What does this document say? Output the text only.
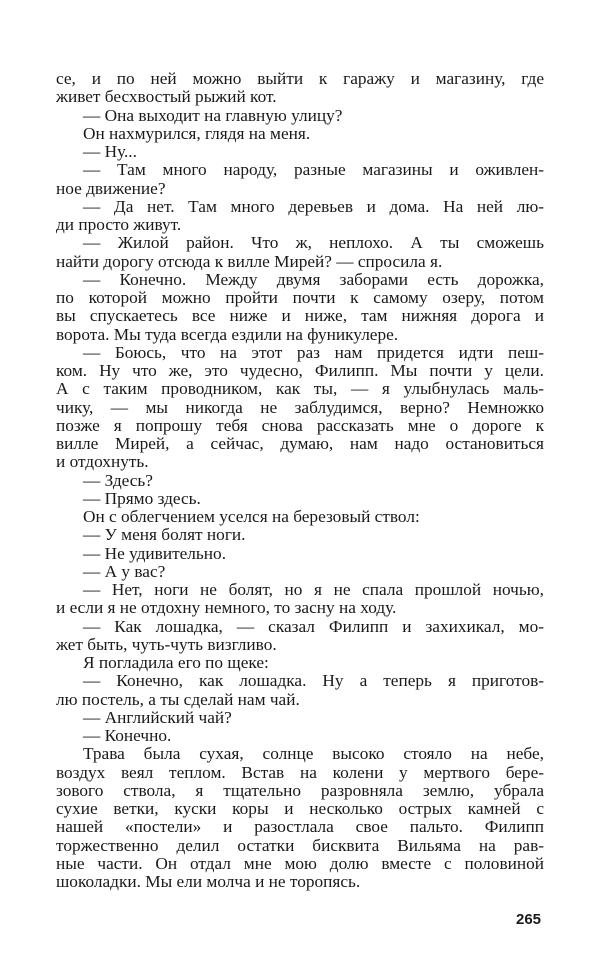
се, и по ней можно выйти к гаражу и магазину, где
живет бесхвостый рыжий кот.
— Она выходит на главную улицу?
Он нахмурился, глядя на меня.
— Ну...
— Там много народу, разные магазины и оживлен-
ное движение?
— Да нет. Там много деревьев и дома. На ней лю-
ди просто живут.
— Жилой район. Что ж, неплохо. А ты сможешь
найти дорогу отсюда к вилле Мирей? — спросила я.
— Конечно. Между двумя заборами есть дорожка,
по которой можно пройти почти к самому озеру, потом
вы спускаетесь все ниже и ниже, там нижняя дорога и
ворота. Мы туда всегда ездили на фуникулере.
— Боюсь, что на этот раз нам придется идти пеш-
ком. Ну что же, это чудесно, Филипп. Мы почти у цели.
А с таким проводником, как ты, — я улыбнулась маль-
чику, — мы никогда не заблудимся, верно? Немножко
позже я попрошу тебя снова рассказать мне о дороге к
вилле Мирей, а сейчас, думаю, нам надо остановиться
и отдохнуть.
— Здесь?
— Прямо здесь.
Он с облегчением уселся на березовый ствол:
— У меня болят ноги.
— Не удивительно.
— А у вас?
— Нет, ноги не болят, но я не спала прошлой ночью,
и если я не отдохну немного, то засну на ходу.
— Как лошадка, — сказал Филипп и захихикал, мо-
жет быть, чуть-чуть визгливо.
Я погладила его по щеке:
— Конечно, как лошадка. Ну а теперь я приготов-
лю постель, а ты сделай нам чай.
— Английский чай?
— Конечно.
Трава была сухая, солнце высоко стояло на небе,
воздух веял теплом. Встав на колени у мертвого бере-
зового ствола, я тщательно разровняла землю, убрала
сухие ветки, куски коры и несколько острых камней с
нашей «постели» и разостлала свое пальто. Филипп
торжественно делил остатки бисквита Вильяма на рав-
ные части. Он отдал мне мою долю вместе с половиной
шоколадки. Мы ели молча и не торопясь.
265
